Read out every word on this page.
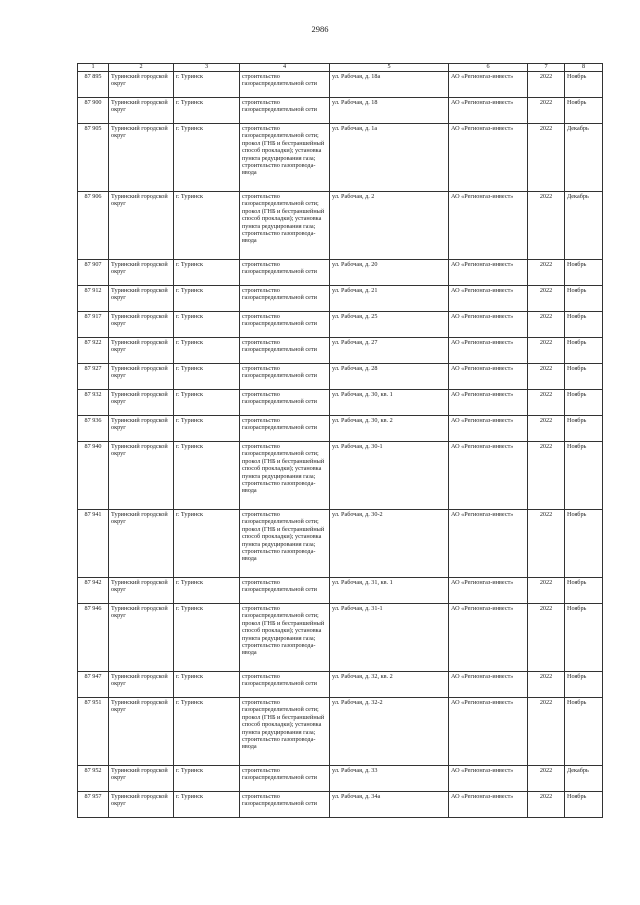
2986
1	2	3	4	5	6	7	8
87 895	Туринский городской округ	г. Туринск	строительство газораспределительной сети	ул. Рабочая, д. 18а	АО «Регионгаз-инвест»	2022	Ноябрь
87 900	Туринский городской округ	г. Туринск	строительство газораспределительной сети	ул. Рабочая, д. 18	АО «Регионгаз-инвест»	2022	Ноябрь
87 905	Туринский городской округ	г. Туринск	строительство газораспределительной сети; прокол (ГНБ и бестраншейный способ прокладки); установка пункта редуцирования газа; строительство газопровода-ввода	ул. Рабочая, д. 1а	АО «Регионгаз-инвест»	2022	Декабрь
87 906	Туринский городской округ	г. Туринск	строительство газораспределительной сети; прокол (ГНБ и бестраншейный способ прокладки); установка пункта редуцирования газа; строительство газопровода-ввода	ул. Рабочая, д. 2	АО «Регионгаз-инвест»	2022	Декабрь
87 907	Туринский городской округ	г. Туринск	строительство газораспределительной сети	ул. Рабочая, д. 20	АО «Регионгаз-инвест»	2022	Ноябрь
87 912	Туринский городской округ	г. Туринск	строительство газораспределительной сети	ул. Рабочая, д. 21	АО «Регионгаз-инвест»	2022	Ноябрь
87 917	Туринский городской округ	г. Туринск	строительство газораспределительной сети	ул. Рабочая, д. 25	АО «Регионгаз-инвест»	2022	Ноябрь
87 922	Туринский городской округ	г. Туринск	строительство газораспределительной сети	ул. Рабочая, д. 27	АО «Регионгаз-инвест»	2022	Ноябрь
87 927	Туринский городской округ	г. Туринск	строительство газораспределительной сети	ул. Рабочая, д. 28	АО «Регионгаз-инвест»	2022	Ноябрь
87 932	Туринский городской округ	г. Туринск	строительство газораспределительной сети	ул. Рабочая, д. 30, кв. 1	АО «Регионгаз-инвест»	2022	Ноябрь
87 936	Туринский городской округ	г. Туринск	строительство газораспределительной сети	ул. Рабочая, д. 30, кв. 2	АО «Регионгаз-инвест»	2022	Ноябрь
87 940	Туринский городской округ	г. Туринск	строительство газораспределительной сети; прокол (ГНБ и бестраншейный способ прокладки); установка пункта редуцирования газа; строительство газопровода-ввода	ул. Рабочая, д. 30-1	АО «Регионгаз-инвест»	2022	Ноябрь
87 941	Туринский городской округ	г. Туринск	строительство газораспределительной сети; прокол (ГНБ и бестраншейный способ прокладки); установка пункта редуцирования газа; строительство газопровода-ввода	ул. Рабочая, д. 30-2	АО «Регионгаз-инвест»	2022	Ноябрь
87 942	Туринский городской округ	г. Туринск	строительство газораспределительной сети	ул. Рабочая, д. 31, кв. 1	АО «Регионгаз-инвест»	2022	Ноябрь
87 946	Туринский городской округ	г. Туринск	строительство газораспределительной сети; прокол (ГНБ и бестраншейный способ прокладки); установка пункта редуцирования газа; строительство газопровода-ввода	ул. Рабочая, д. 31-1	АО «Регионгаз-инвест»	2022	Ноябрь
87 947	Туринский городской округ	г. Туринск	строительство газораспределительной сети	ул. Рабочая, д. 32, кв. 2	АО «Регионгаз-инвест»	2022	Ноябрь
87 951	Туринский городской округ	г. Туринск	строительство газораспределительной сети; прокол (ГНБ и бестраншейный способ прокладки); установка пункта редуцирования газа; строительство газопровода-ввода	ул. Рабочая, д. 32-2	АО «Регионгаз-инвест»	2022	Ноябрь
87 952	Туринский городской округ	г. Туринск	строительство газораспределительной сети	ул. Рабочая, д. 33	АО «Регионгаз-инвест»	2022	Декабрь
87 957	Туринский городской округ	г. Туринск	строительство газораспределительной сети	ул. Рабочая, д. 34а	АО «Регионгаз-инвест»	2022	Ноябрь
